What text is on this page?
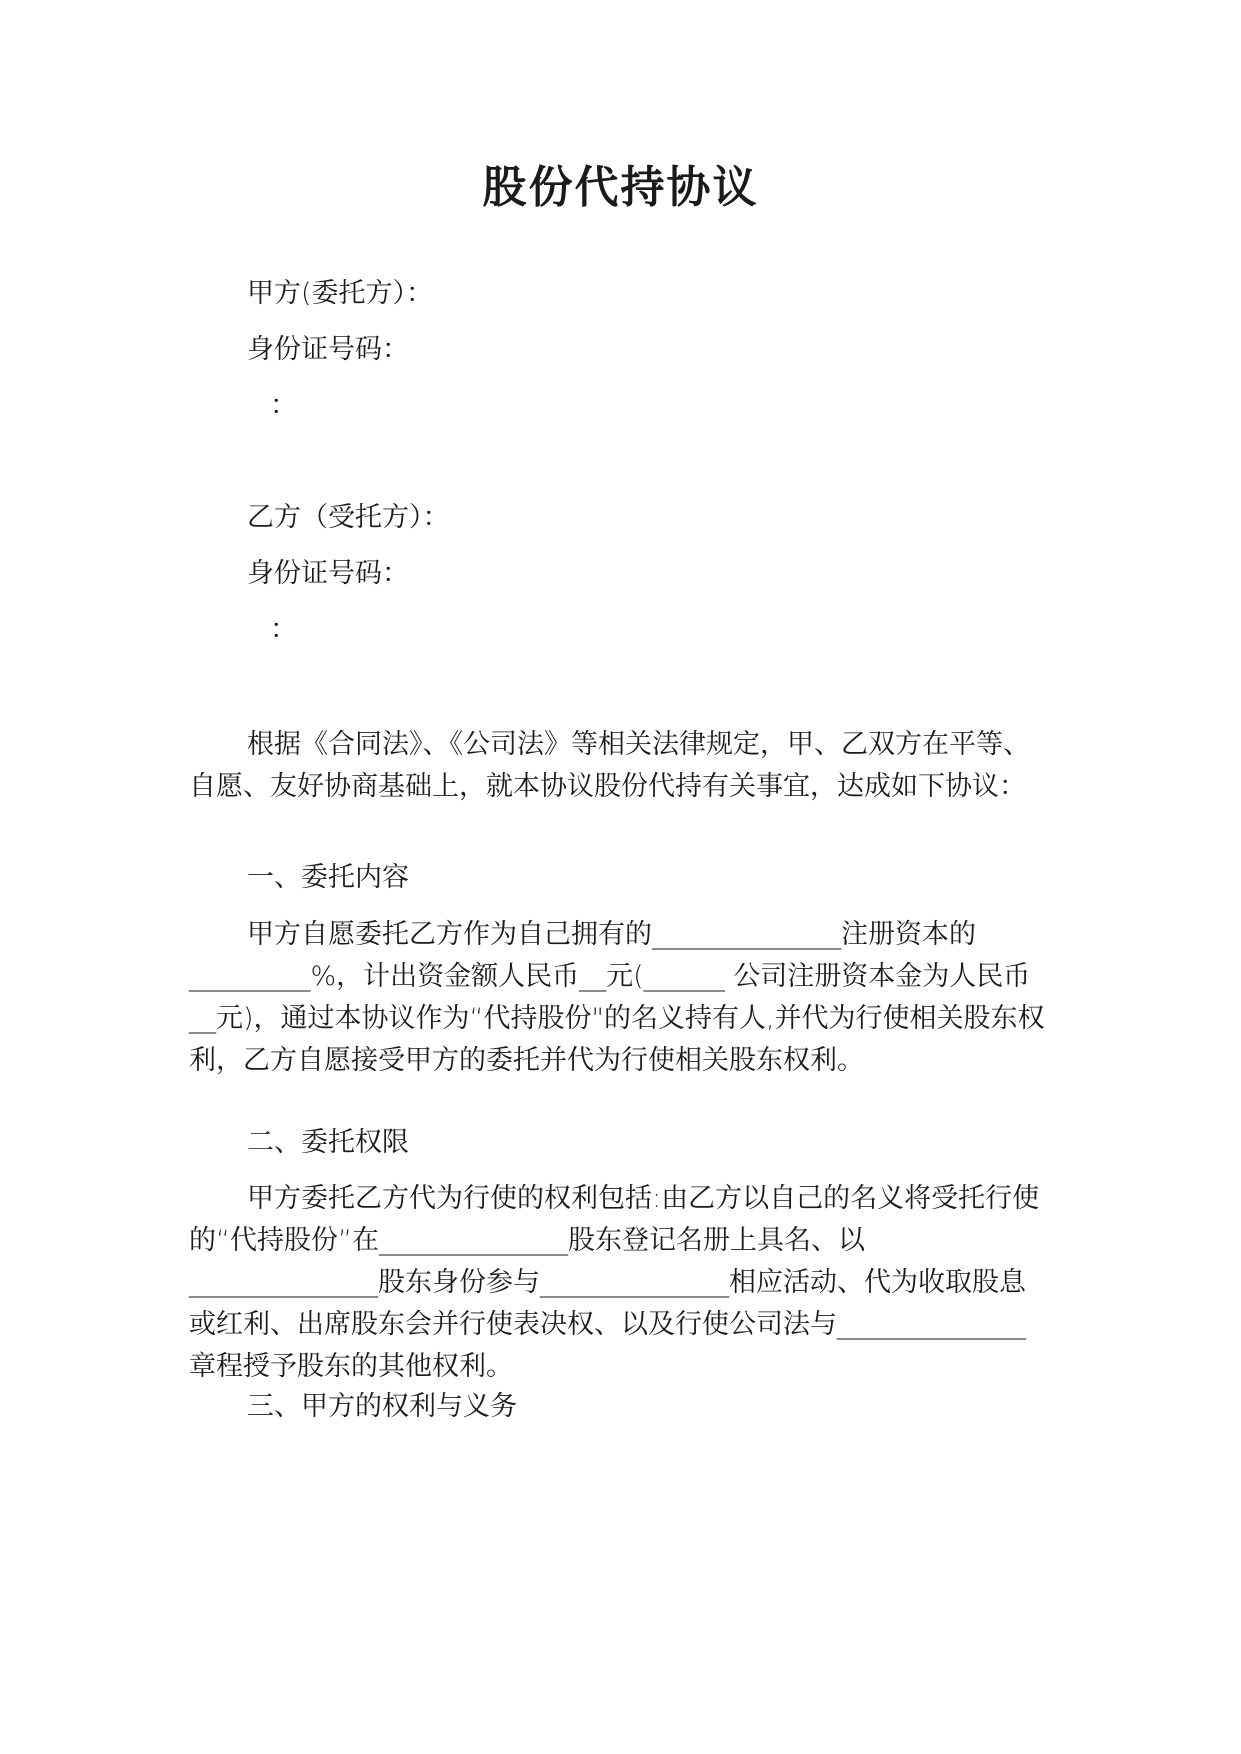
股份代持协议
甲方(委托方）：
身份证号码：
：
乙方（受托方）：
身份证号码：
：
根据《合同法》、《公司法》等相关法律规定，甲、乙双方在平等、自愿、友好协商基础上，就本协议股份代持有关事宜，达成如下协议：
一、委托内容
甲方自愿委托乙方作为自己拥有的______________注册资本的_________%，计出资金额人民币__元(______ 公司注册资本金为人民币__元)，通过本协议作为“代持股份"的名义持有人,并代为行使相关股东权利，乙方自愿接受甲方的委托并代为行使相关股东权利。
二、委托权限
甲方委托乙方代为行使的权利包括:由乙方以自己的名义将受托行使的“代持股份”在______________股东登记名册上具名、以______________股东身份参与______________相应活动、代为收取股息或红利、出席股东会并行使表决权、以及行使公司法与______________章程授予股东的其他权利。
三、甲方的权利与义务
